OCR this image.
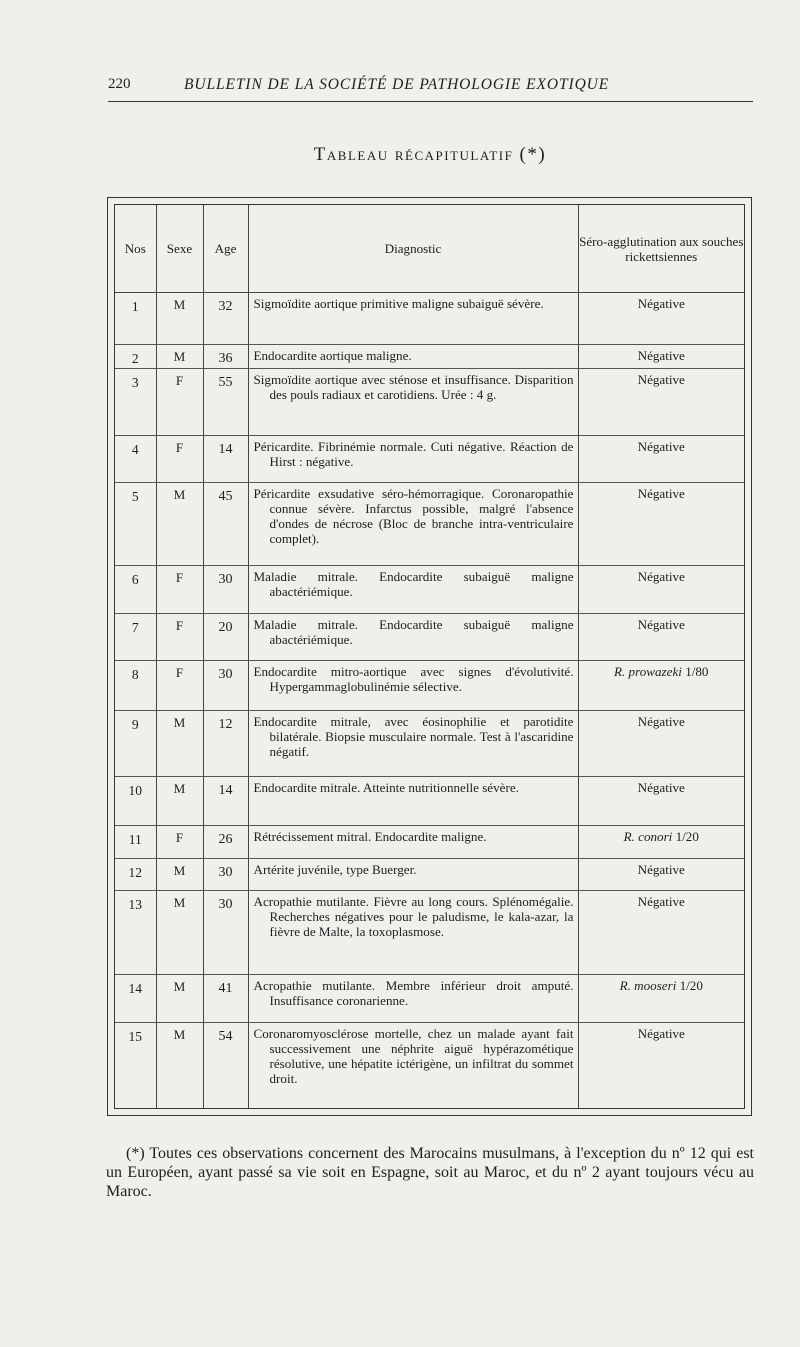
220	BULLETIN DE LA SOCIÉTÉ DE PATHOLOGIE EXOTIQUE
Tableau récapitulatif (*)
Nos	Sexe	Age	Diagnostic	Séro-agglutination aux souches rickettsiennes
1	M	32	Sigmoïdite aortique primitive maligne subaiguë sévère.	Négative
2	M	36	Endocardite aortique maligne.	Négative
3	F	55	Sigmoïdite aortique avec sténose et insuffisance. Disparition des pouls radiaux et carotidiens. Urée : 4 g.	Négative
4	F	14	Péricardite. Fibrinémie normale. Cuti négative. Réaction de Hirst : négative.	Négative
5	M	45	Péricardite exsudative séro-hémorragique. Coronaropathie connue sévère. Infarctus possible, malgré l'absence d'ondes de nécrose (Bloc de branche intra-ventriculaire complet).	Négative
6	F	30	Maladie mitrale. Endocardite subaiguë maligne abactériémique.	Négative
7	F	20	Maladie mitrale. Endocardite subaiguë maligne abactériémique.	Négative
8	F	30	Endocardite mitro-aortique avec signes d'évolutivité. Hypergammaglobulinémie sélective.	R. prowazeki 1/80
9	M	12	Endocardite mitrale, avec éosinophilie et parotidite bilatérale. Biopsie musculaire normale. Test à l'ascaridine négatif.	Négative
10	M	14	Endocardite mitrale. Atteinte nutritionnelle sévère.	Négative
11	F	26	Rétrécissement mitral. Endocardite maligne.	R. conori 1/20
12	M	30	Artérite juvénile, type Buerger.	Négative
13	M	30	Acropathie mutilante. Fièvre au long cours. Splénomégalie. Recherches négatives pour le paludisme, le kala-azar, la fièvre de Malte, la toxoplasmose.	Négative
14	M	41	Acropathie mutilante. Membre inférieur droit amputé. Insuffisance coronarienne.	R. mooseri 1/20
15	M	54	Coronaromyosclérose mortelle, chez un malade ayant fait successivement une néphrite aiguë hypérazométique résolutive, une hépatite ictérigène, un infiltrat du sommet droit.	Négative
(*) Toutes ces observations concernent des Marocains musulmans, à l'exception du nº 12 qui est un Européen, ayant passé sa vie soit en Espagne, soit au Maroc, et du nº 2 ayant toujours vécu au Maroc.
